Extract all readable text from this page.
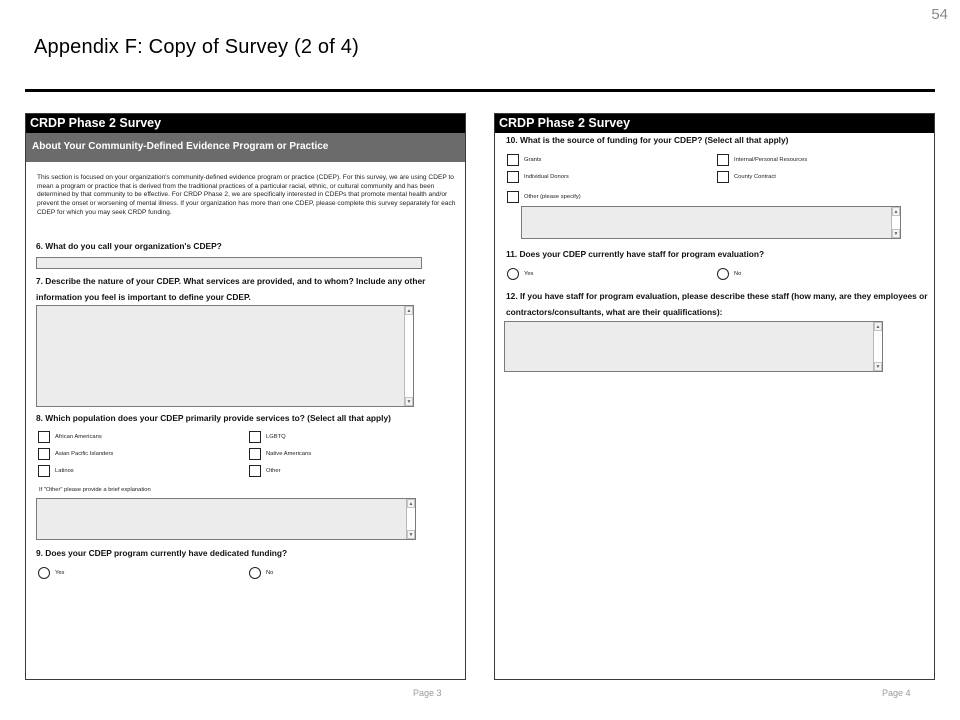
54
Appendix F: Copy of Survey (2 of 4)
CRDP Phase 2 Survey
About Your Community-Defined Evidence Program or Practice
This section is focused on your organization's community-defined evidence program or practice (CDEP). For this survey, we are using CDEP to mean a program or practice that is derived from the traditional practices of a particular racial, ethnic, or cultural community and has been determined by that community to be effective. For CRDP Phase 2, we are specifically interested in CDEPs that promote mental health and/or prevent the onset or worsening of mental illness. If your organization has more than one CDEP, please complete this survey separately for each CDEP for which you may seek CRDP funding.
6. What do you call your organization's CDEP?
7. Describe the nature of your CDEP. What services are provided, and to whom? Include any other information you feel is important to define your CDEP.
▲
▼
8. Which population does your CDEP primarily provide services to? (Select all that apply)
African Americans	LGBTQ
Asian Pacific Islanders	Native Americans
Latinos	Other
If "Other" please provide a brief explanation
▲
▼
9. Does your CDEP program currently have dedicated funding?
Yes	No
Page 3
CRDP Phase 2 Survey
10. What is the source of funding for your CDEP? (Select all that apply)
Grants	Internal/Personal Resources
Individual Donors	County Contract
Other (please specify)
▲
▼
11. Does your CDEP currently have staff for program evaluation?
Yes	No
12. If you have staff for program evaluation, please describe these staff (how many, are they employees or contractors/consultants, what are their qualifications):
▲
▼
Page 4
